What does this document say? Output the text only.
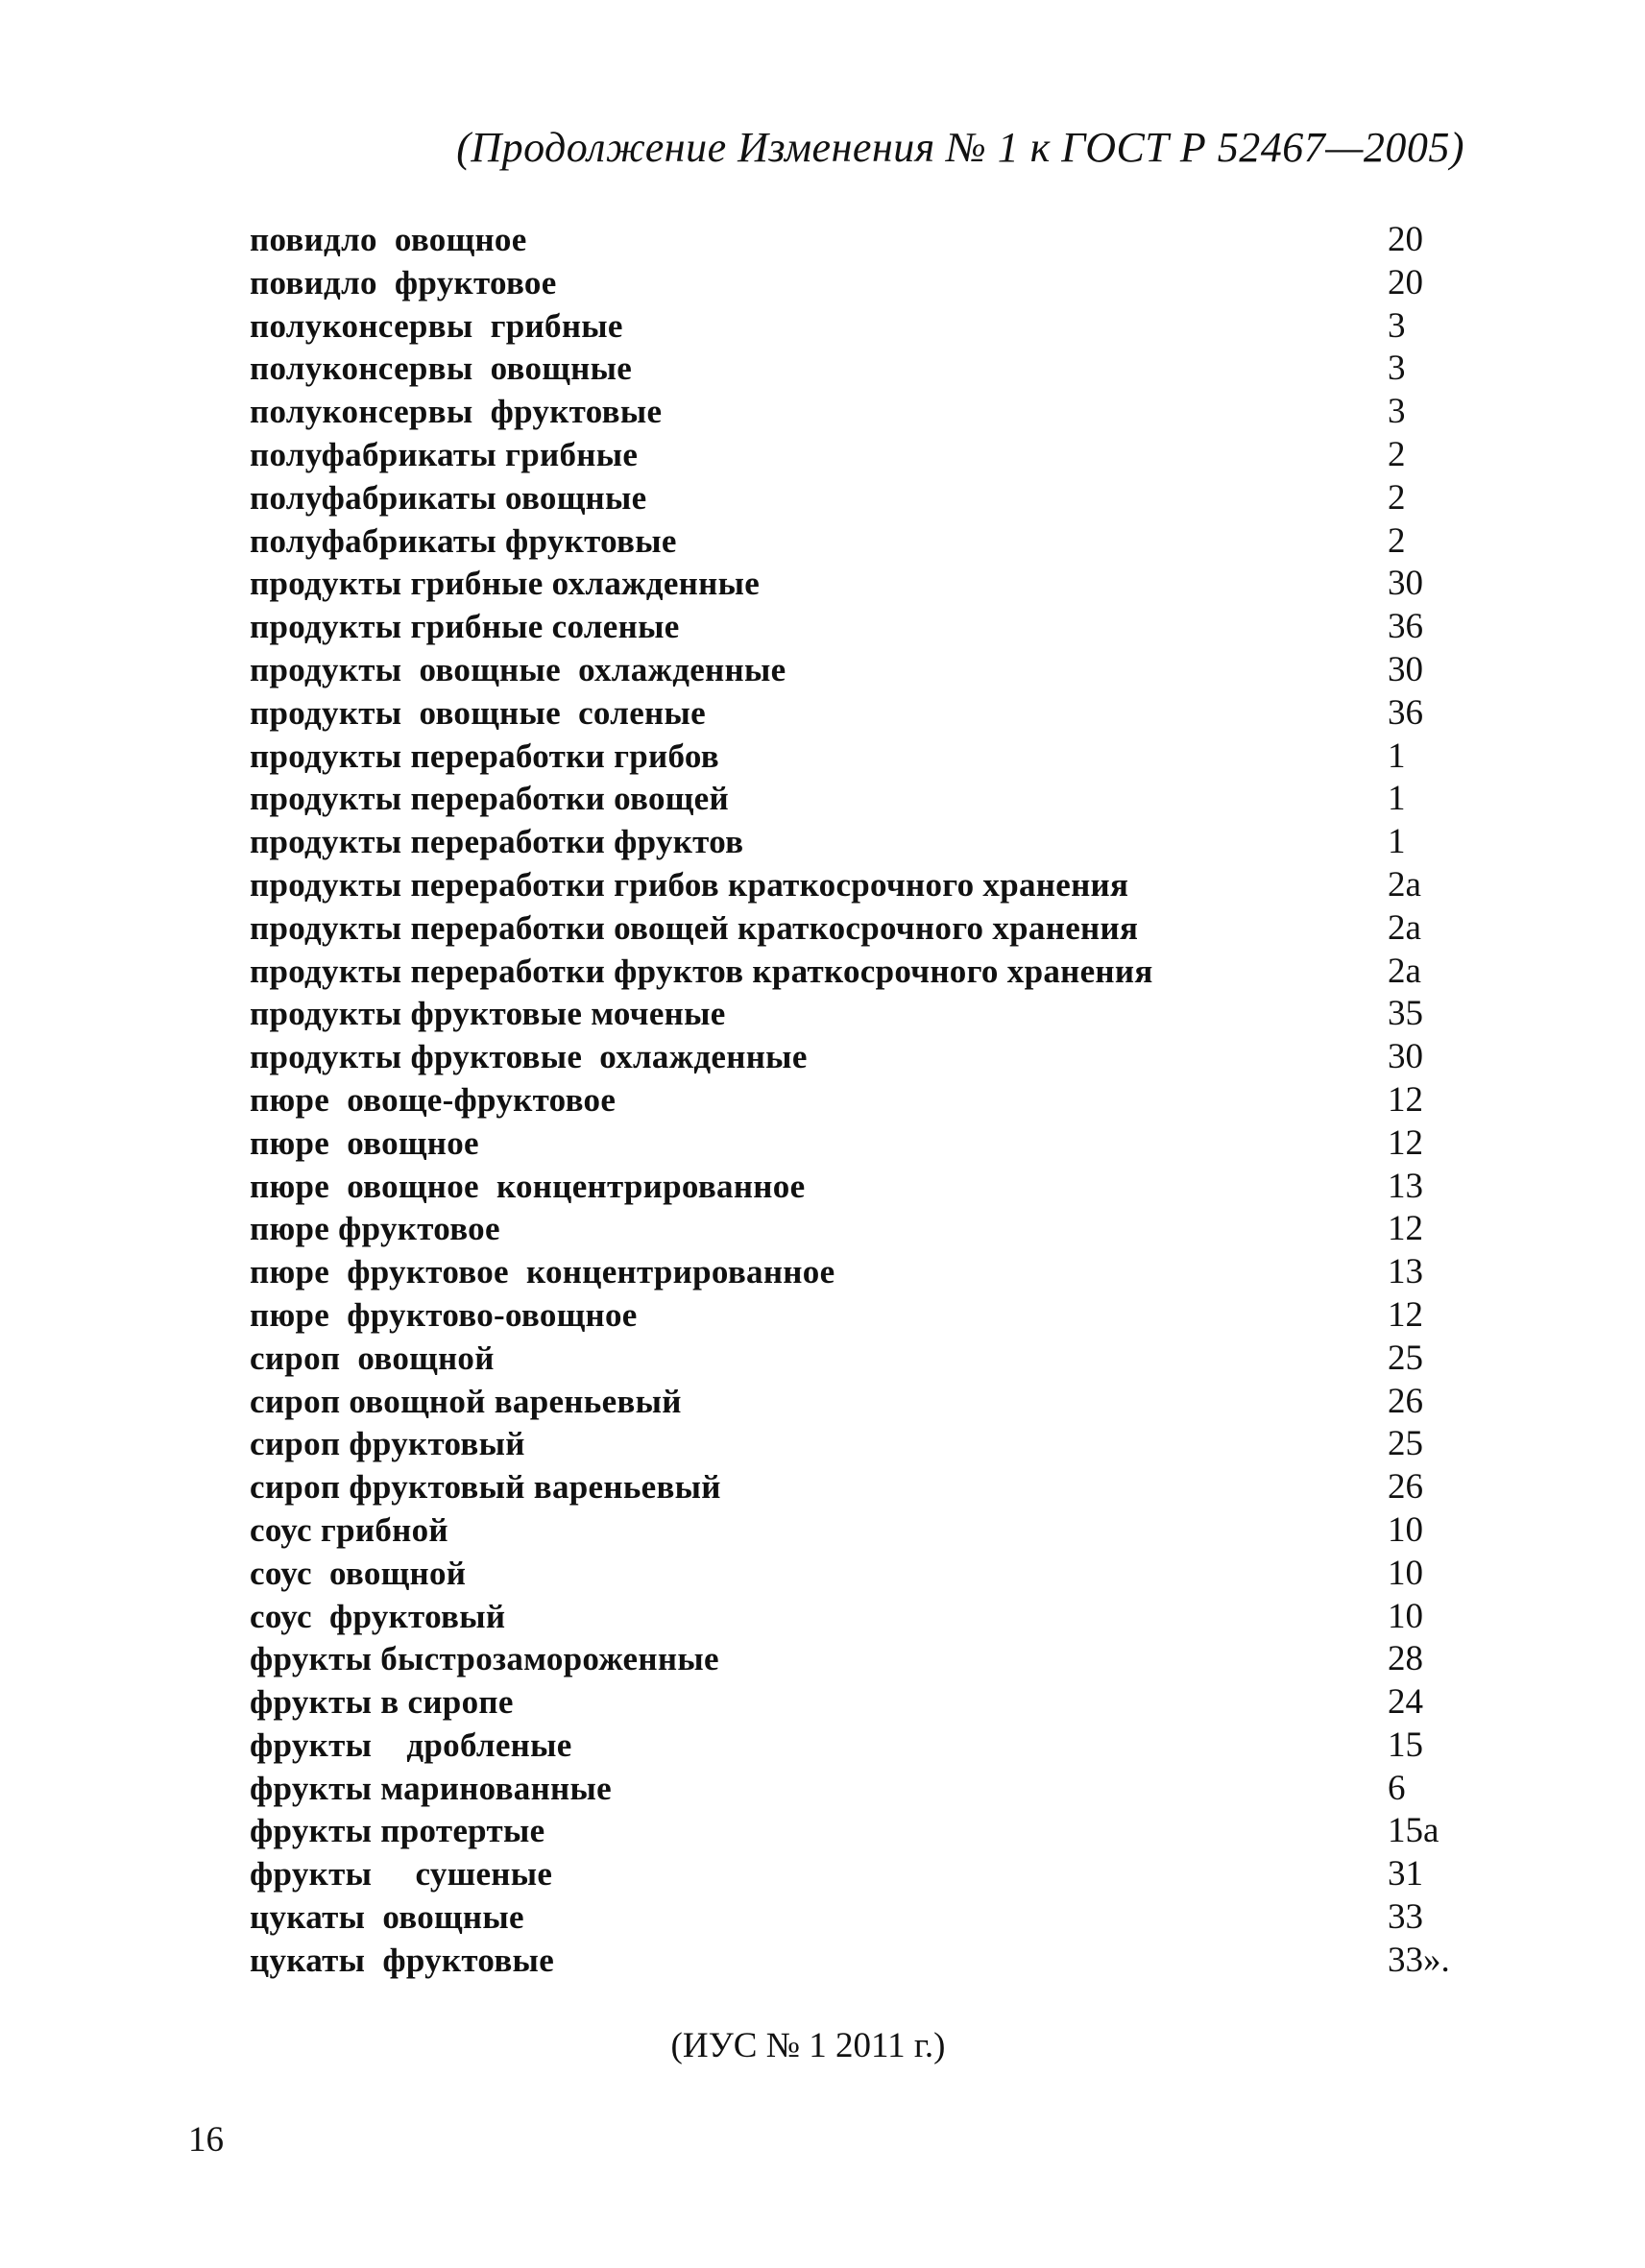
(Продолжение Изменения № 1 к ГОСТ Р 52467—2005)
повидло  овощное	20
повидло  фруктовое	20
полуконсервы  грибные	3
полуконсервы  овощные	3
полуконсервы  фруктовые	3
полуфабрикаты грибные	2
полуфабрикаты овощные	2
полуфабрикаты фруктовые	2
продукты грибные охлажденные	30
продукты грибные соленые	36
продукты  овощные  охлажденные	30
продукты  овощные  соленые	36
продукты переработки грибов	1
продукты переработки овощей	1
продукты переработки фруктов	1
продукты переработки грибов краткосрочного хранения	2а
продукты переработки овощей краткосрочного хранения	2а
продукты переработки фруктов краткосрочного хранения	2а
продукты фруктовые моченые	35
продукты фруктовые  охлажденные	30
пюре  овоще-фруктовое	12
пюре  овощное	12
пюре  овощное  концентрированное	13
пюре фруктовое	12
пюре  фруктовое  концентрированное	13
пюре  фруктово-овощное	12
сироп  овощной	25
сироп овощной вареньевый	26
сироп фруктовый	25
сироп фруктовый вареньевый	26
соус грибной	10
соус  овощной	10
соус  фруктовый	10
фрукты быстрозамороженные	28
фрукты в сиропе	24
фрукты    дробленые	15
фрукты маринованные	6
фрукты протертые	15а
фрукты     сушеные	31
цукаты  овощные	33
цукаты  фруктовые	33».
(ИУС № 1 2011 г.)
16
